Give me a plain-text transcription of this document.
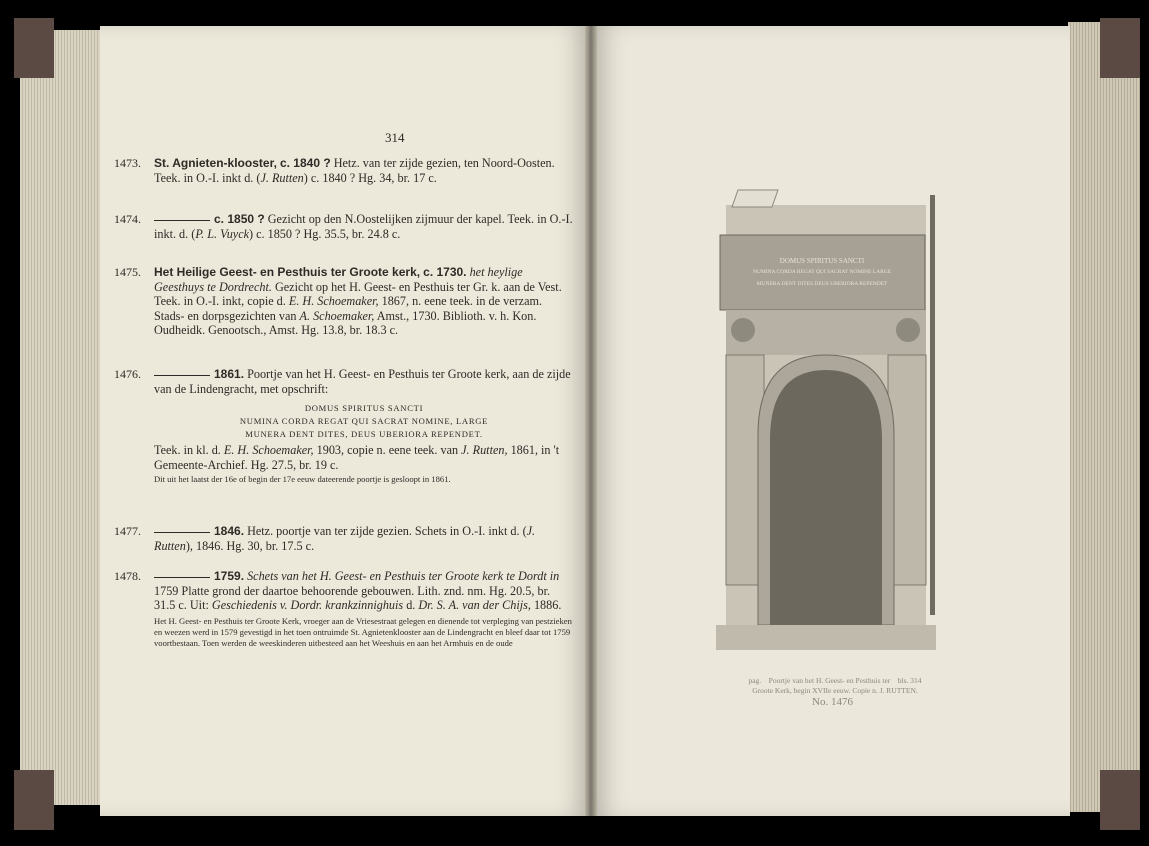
314
1473. St. Agnieten-klooster, c. 1840 ? Hetz. van ter zijde gezien, ten Noord-Oosten. Teek. in O.-I. inkt d. (J. Rutten) c. 1840 ? Hg. 34, br. 17 c.
1474.	c. 1850 ? Gezicht op den N.Oostelijken zijmuur der kapel. Teek. in O.-I. inkt. d. (P. L. Vuyck) c. 1850 ? Hg. 35.5, br. 24.8 c.
1475. Het Heilige Geest- en Pesthuis ter Groote kerk, c. 1730. het heylige Geesthuys te Dordrecht. Gezicht op het H. Geest- en Pesthuis ter Gr. k. aan de Vest. Teek. in O.-I. inkt, copie d. E. H. Schoemaker, 1867, n. eene teek. in de verzam. Stads- en dorpsgezichten van A. Schoemaker, Amst., 1730. Biblioth. v. h. Kon. Oudheidk. Genootsch., Amst. Hg. 13.8, br. 18.3 c.
1476.	1861. Poortje van het H. Geest- en Pesthuis ter Groote kerk, aan de zijde van de Lindengracht, met opschrift:
DOMUS SPIRITUS SANCTI
NUMINA CORDA REGAT QUI SACRAT NOMINE, LARGE
MUNERA DENT DITES, DEUS UBERIORA REPENDET.
Teek. in kl. d. E. H. Schoemaker, 1903, copie n. eene teek. van J. Rutten, 1861, in 't Gemeente-Archief. Hg. 27.5, br. 19 c.
Dit uit het laatst der 16e of begin der 17e eeuw dateerende poortje is gesloopt in 1861.
1477.	1846. Hetz. poortje van ter zijde gezien. Schets in O.-I. inkt d. (J. Rutten), 1846. Hg. 30, br. 17.5 c.
1478.	1759. Schets van het H. Geest- en Pesthuis ter Groote kerk te Dordt in 1759 Platte grond der daartoe behoorende gebouwen. Lith. znd. nm. Hg. 20.5, br. 31.5 c. Uit: Geschiedenis v. Dordr. krankzinnighuis d. Dr. S. A. van der Chijs, 1886.
Het H. Geest- en Pesthuis ter Groote Kerk, vroeger aan de Vriesestraat gelegen en dienende tot verpleging van pestzieken en weezen werd in 1579 gevestigd in het toen ontruimde St. Agnietenklooster aan de Lindengracht en bleef daar tot 1759 voortbestaan. Toen werden de weeskinderen uitbesteed aan het Weeshuis en aan het Armhuis en de oude
DOMUS SPIRITUS SANCTI
NUMINA CORDA REGAT QUI SACRAT NOMINE LARGE
MUNERA DENT DITES DEUS UBERIORA REPENDET
pag. Poortje van het H. Geest- en Pesthuis ter bls. 314
Groote Kerk, begin XVIIe eeuw. Copie n. J. RUTTEN.
No. 1476
